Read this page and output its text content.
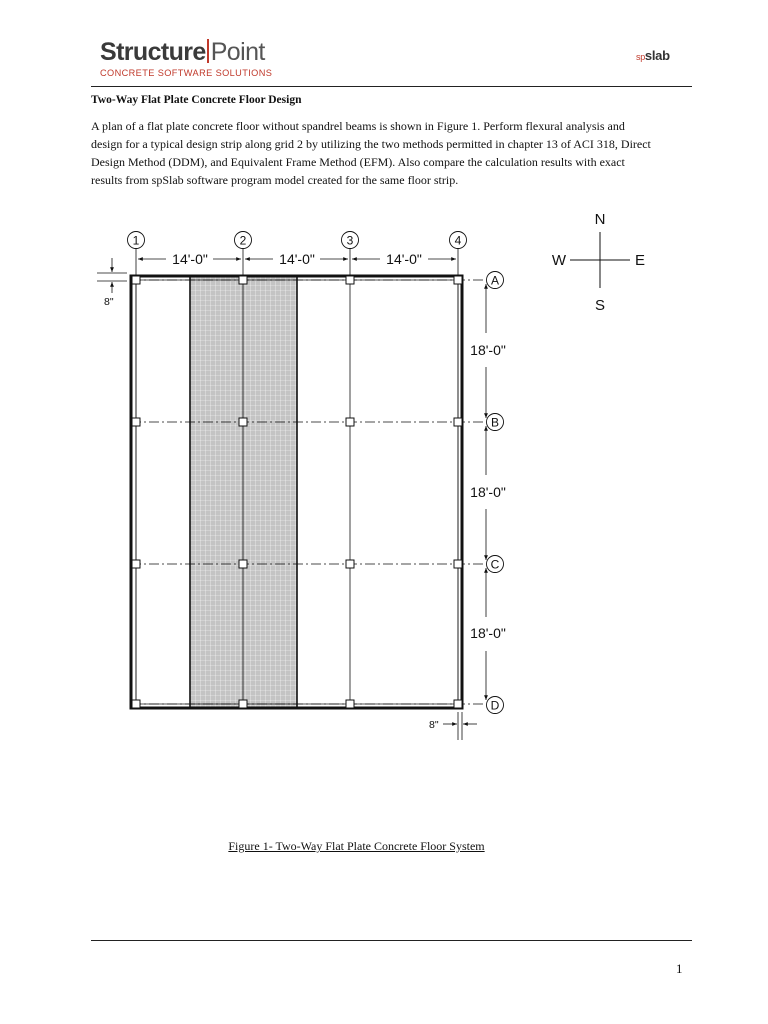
Structure Point
CONCRETE SOFTWARE SOLUTIONS
spslab
Two-Way Flat Plate Concrete Floor Design
A plan of a flat plate concrete floor without spandrel beams is shown in Figure 1. Perform flexural analysis and
design for a typical design strip along grid 2 by utilizing the two methods permitted in chapter 13 of ACI 318, Direct
Design Method (DDM), and Equivalent Frame Method (EFM). Also compare the calculation results with exact
results from spSlab software program model created for the same floor strip.
1	2	3	4
A
B
C
D
14'-0"	14'-0"	14'-0"
18'-0"
18'-0"
18'-0"
8"
8"
N
S
W	E
Figure 1- Two-Way Flat Plate Concrete Floor System
1
